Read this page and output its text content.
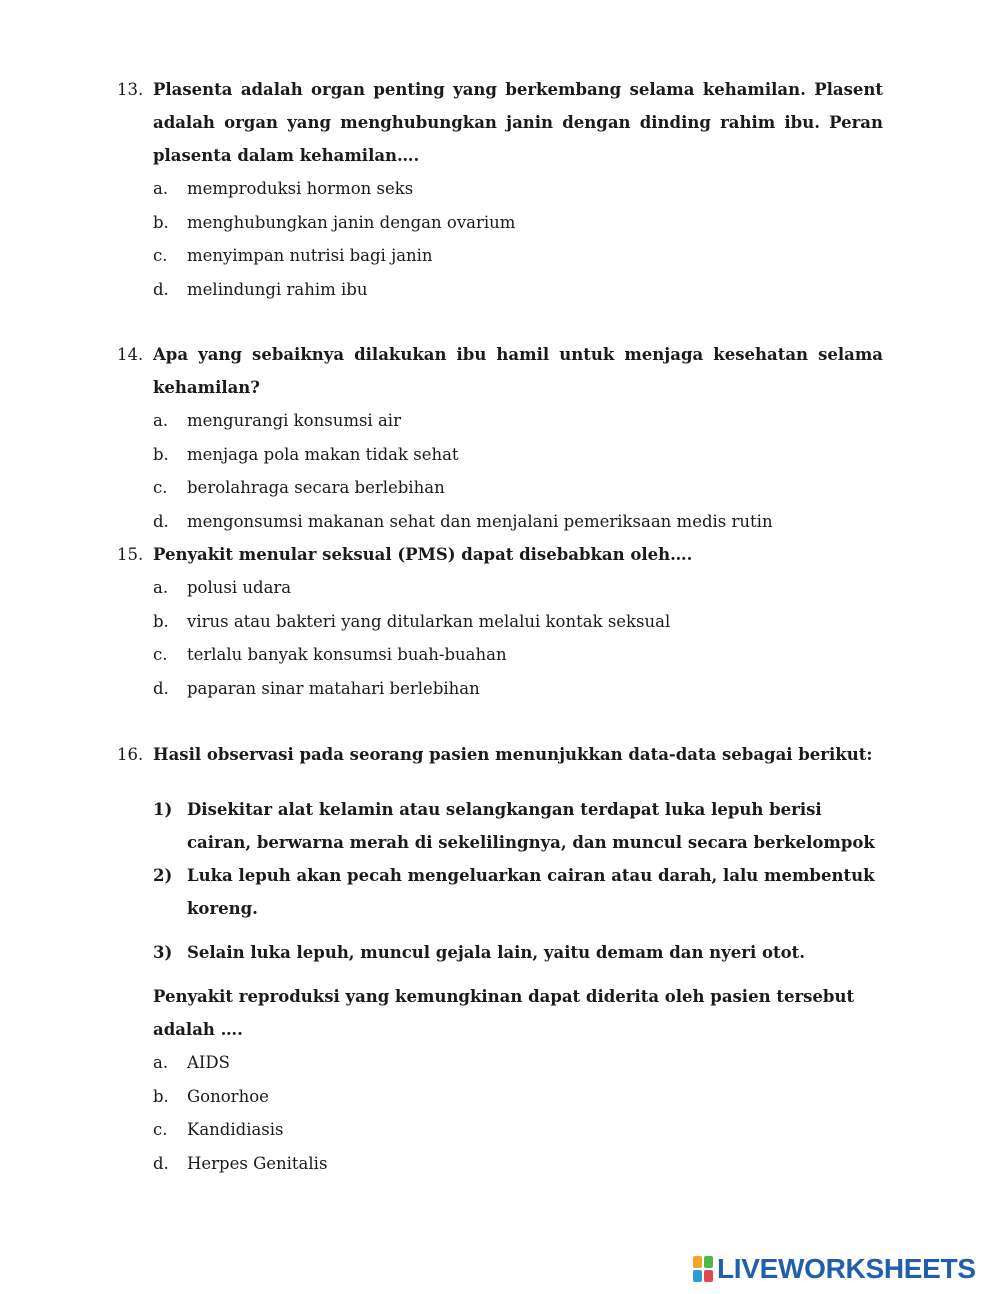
13. Plasenta adalah organ penting yang berkembang selama kehamilan. Plasent adalah organ yang menghubungkan janin dengan dinding rahim ibu. Peran plasenta dalam kehamilan….
a. memproduksi hormon seks
b. menghubungkan janin dengan ovarium
c. menyimpan nutrisi bagi janin
d. melindungi rahim ibu
14. Apa yang sebaiknya dilakukan ibu hamil untuk menjaga kesehatan selama kehamilan?
a. mengurangi konsumsi air
b. menjaga pola makan tidak sehat
c. berolahraga secara berlebihan
d. mengonsumsi makanan sehat dan menjalani pemeriksaan medis rutin
15. Penyakit menular seksual (PMS) dapat disebabkan oleh….
a. polusi udara
b. virus atau bakteri yang ditularkan melalui kontak seksual
c. terlalu banyak konsumsi buah-buahan
d. paparan sinar matahari berlebihan
16. Hasil observasi pada seorang pasien menunjukkan data-data sebagai berikut:
1) Disekitar alat kelamin atau selangkangan terdapat luka lepuh berisi cairan, berwarna merah di sekelilingnya, dan muncul secara berkelompok
2) Luka lepuh akan pecah mengeluarkan cairan atau darah, lalu membentuk koreng.
3) Selain luka lepuh, muncul gejala lain, yaitu demam dan nyeri otot.
Penyakit reproduksi yang kemungkinan dapat diderita oleh pasien tersebut adalah ….
a. AIDS
b. Gonorhoe
c. Kandidiasis
d. Herpes Genitalis
LIVEWORKSHEETS
